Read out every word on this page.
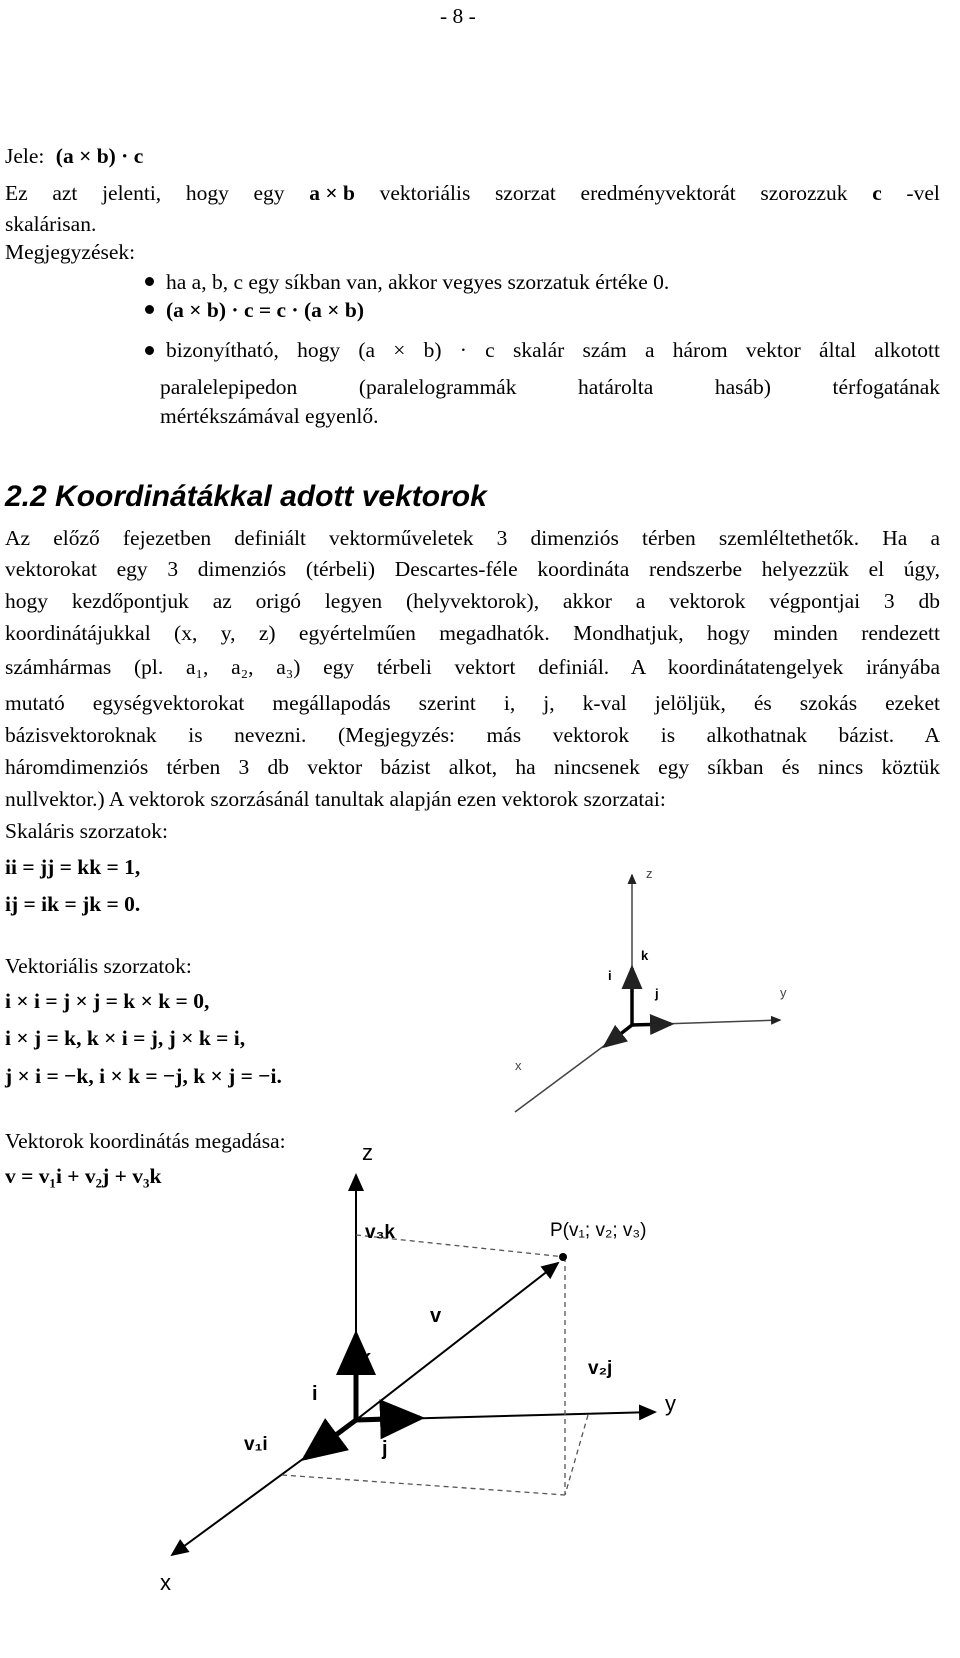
- 8 -
Jele: (a × b) · c
Ez azt jelenti, hogy egy a × b vektoriális szorzat eredményvektorát szorozzuk c -vel
skalárisan.
Megjegyzések:
ha a, b, c egy síkban van, akkor vegyes szorzatuk értéke 0.
(a × b) · c = c · (a × b)
bizonyítható, hogy (a × b) · c skalár szám a három vektor által alkotott
paralelepipedon	(paralelogrammák	határolta	hasáb)	térfogatának
mértékszámával egyenlő.
2.2 Koordinátákkal adott vektorok
Az előző fejezetben definiált vektorműveletek 3 dimenziós térben szemléltethetők. Ha a
vektorokat egy 3 dimenziós (térbeli) Descartes-féle koordináta rendszerbe helyezzük el úgy,
hogy kezdőpontjuk az origó legyen (helyvektorok), akkor a vektorok végpontjai 3 db
koordinátájukkal (x, y, z) egyértelműen megadhatók. Mondhatjuk, hogy minden rendezett
számhármas (pl. a₁, a₂, a₃) egy térbeli vektort definiál. A koordinátatengelyek irányába
mutató egységvektorokat megállapodás szerint i, j, k-val jelöljük, és szokás ezeket
bázisvektoroknak is nevezni. (Megjegyzés: más vektorok is alkothatnak bázist. A
háromdimenziós térben 3 db vektor bázist alkot, ha nincsenek egy síkban és nincs köztük
nullvektor.) A vektorok szorzásánál tanultak alapján ezen vektorok szorzatai:
Skaláris szorzatok:
ii = jj = kk = 1,
ij = ik = jk = 0.
Vektoriális szorzatok:
i × i = j × j = k × k = 0,
i × j = k, k × i = j, j × k = i,
j × i = −k, i × k = −j, k × j = −i.
Vektorok koordinátás megadása:
v = v₁i + v₂j + v₃k
z
k
i
j	y
x
z
v₃k	P(v₁; v₂; v₃)
v
k	v₂j
i
j
y
v₁i
x
